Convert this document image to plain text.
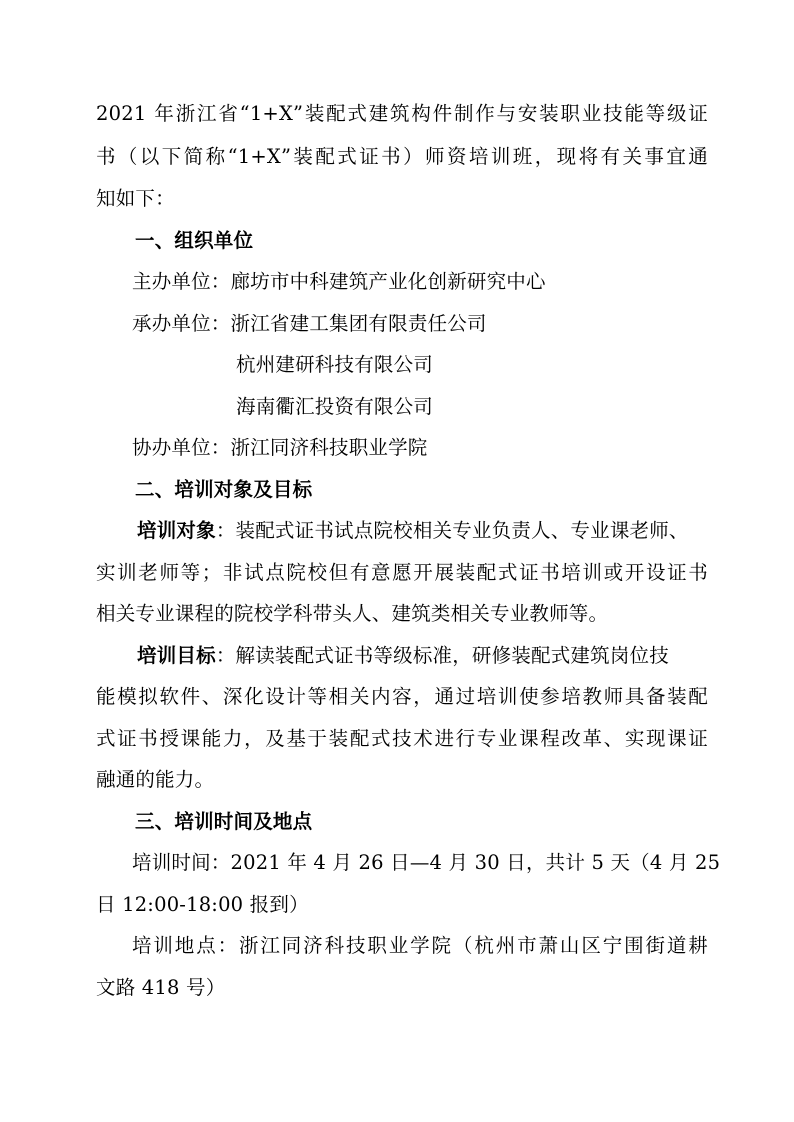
2021 年浙江省“1+X”装配式建筑构件制作与安装职业技能等级证
书（以下简称“1+X”装配式证书）师资培训班，现将有关事宜通
知如下：
一、组织单位
主办单位：廊坊市中科建筑产业化创新研究中心
承办单位：浙江省建工集团有限责任公司
杭州建研科技有限公司
海南衢汇投资有限公司
协办单位：浙江同济科技职业学院
二、培训对象及目标
培训对象：装配式证书试点院校相关专业负责人、专业课老师、
实训老师等；非试点院校但有意愿开展装配式证书培训或开设证书
相关专业课程的院校学科带头人、建筑类相关专业教师等。
培训目标：解读装配式证书等级标准，研修装配式建筑岗位技
能模拟软件、深化设计等相关内容，通过培训使参培教师具备装配
式证书授课能力，及基于装配式技术进行专业课程改革、实现课证
融通的能力。
三、培训时间及地点
培训时间：2021 年 4 月 26 日—4 月 30 日，共计 5 天（4 月 25
日 12:00-18:00 报到）
培训地点：浙江同济科技职业学院（杭州市萧山区宁围街道耕
文路 418 号）
